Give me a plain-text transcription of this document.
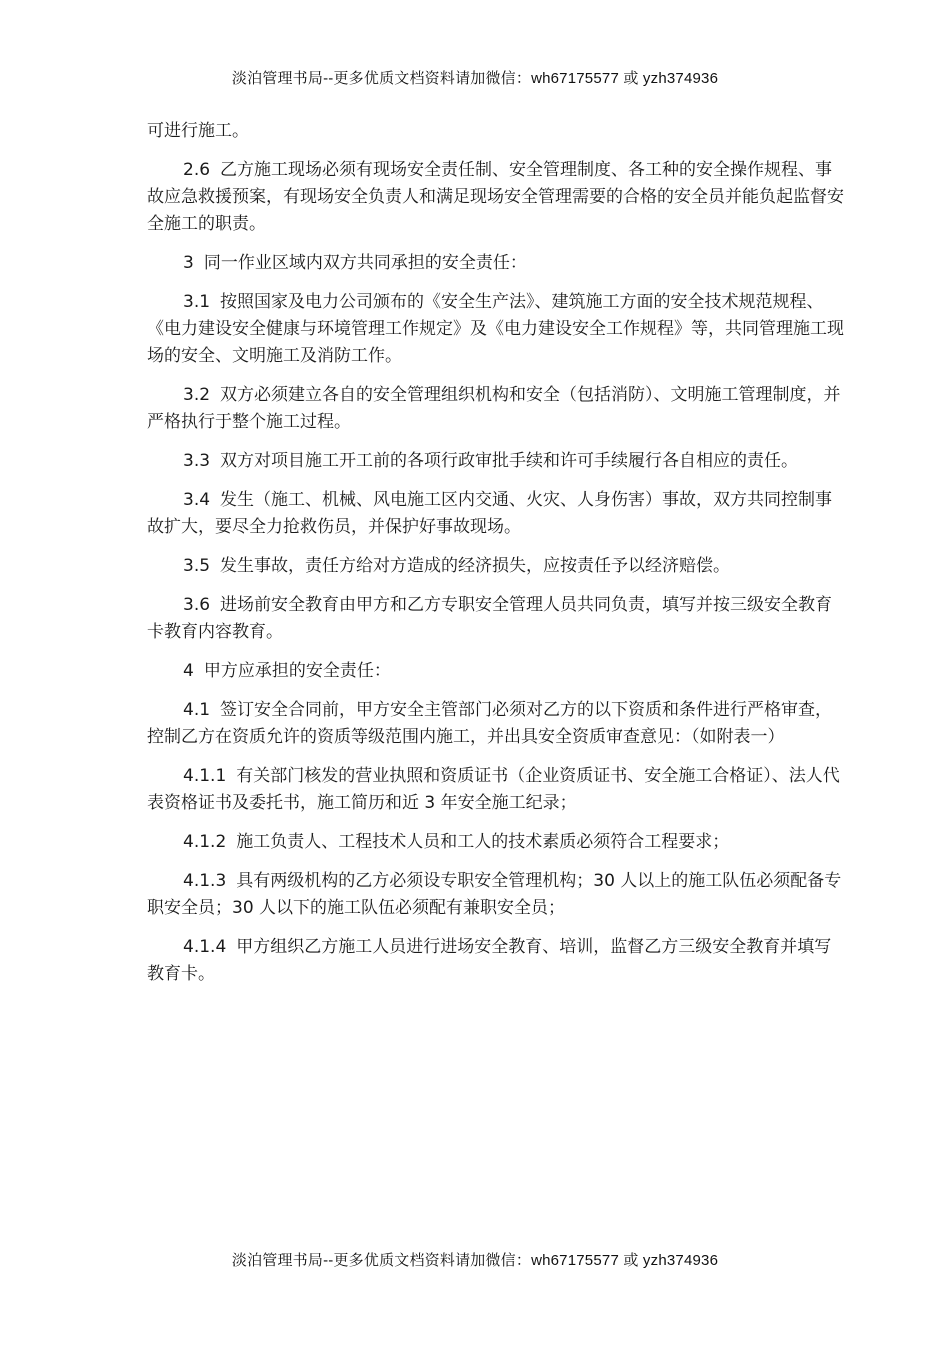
淡泊管理书局--更多优质文档资料请加微信：wh67175577 或 yzh374936

可进行施工。

2.6 乙方施工现场必须有现场安全责任制、安全管理制度、各工种的安全操作规程、事故应急救援预案，有现场安全负责人和满足现场安全管理需要的合格的安全员并能负起监督安全施工的职责。

3 同一作业区域内双方共同承担的安全责任：

3.1 按照国家及电力公司颁布的《安全生产法》、建筑施工方面的安全技术规范规程、《电力建设安全健康与环境管理工作规定》及《电力建设安全工作规程》等，共同管理施工现场的安全、文明施工及消防工作。

3.2 双方必须建立各自的安全管理组织机构和安全（包括消防）、文明施工管理制度，并严格执行于整个施工过程。

3.3 双方对项目施工开工前的各项行政审批手续和许可手续履行各自相应的责任。

3.4 发生（施工、机械、风电施工区内交通、火灾、人身伤害）事故，双方共同控制事故扩大，要尽全力抢救伤员，并保护好事故现场。

3.5 发生事故，责任方给对方造成的经济损失，应按责任予以经济赔偿。

3.6 进场前安全教育由甲方和乙方专职安全管理人员共同负责，填写并按三级安全教育卡教育内容教育。

4 甲方应承担的安全责任：

4.1 签订安全合同前，甲方安全主管部门必须对乙方的以下资质和条件进行严格审查，控制乙方在资质允许的资质等级范围内施工，并出具安全资质审查意见：（如附表一）

4.1.1 有关部门核发的营业执照和资质证书（企业资质证书、安全施工合格证）、法人代表资格证书及委托书，施工简历和近 3 年安全施工纪录；

4.1.2 施工负责人、工程技术人员和工人的技术素质必须符合工程要求；

4.1.3 具有两级机构的乙方必须设专职安全管理机构；30 人以上的施工队伍必须配备专职安全员；30 人以下的施工队伍必须配有兼职安全员；

4.1.4 甲方组织乙方施工人员进行进场安全教育、培训，监督乙方三级安全教育并填写教育卡。

淡泊管理书局--更多优质文档资料请加微信：wh67175577 或 yzh374936
